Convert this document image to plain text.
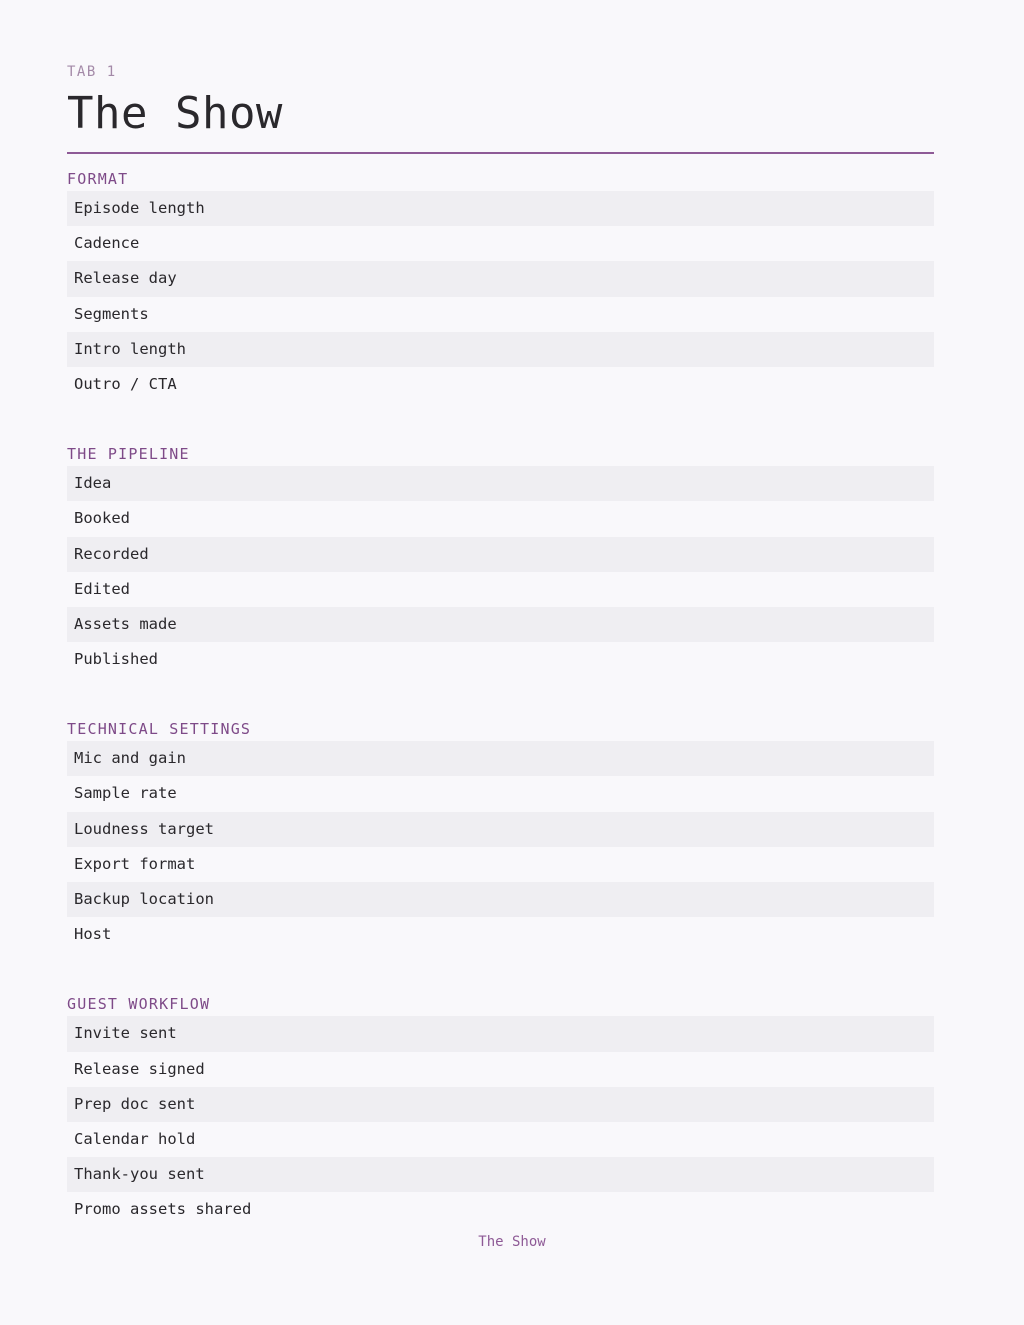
TAB 1
The Show
FORMAT
Episode length
Cadence
Release day
Segments
Intro length
Outro / CTA
THE PIPELINE
Idea
Booked
Recorded
Edited
Assets made
Published
TECHNICAL SETTINGS
Mic and gain
Sample rate
Loudness target
Export format
Backup location
Host
GUEST WORKFLOW
Invite sent
Release signed
Prep doc sent
Calendar hold
Thank-you sent
Promo assets shared
The Show
